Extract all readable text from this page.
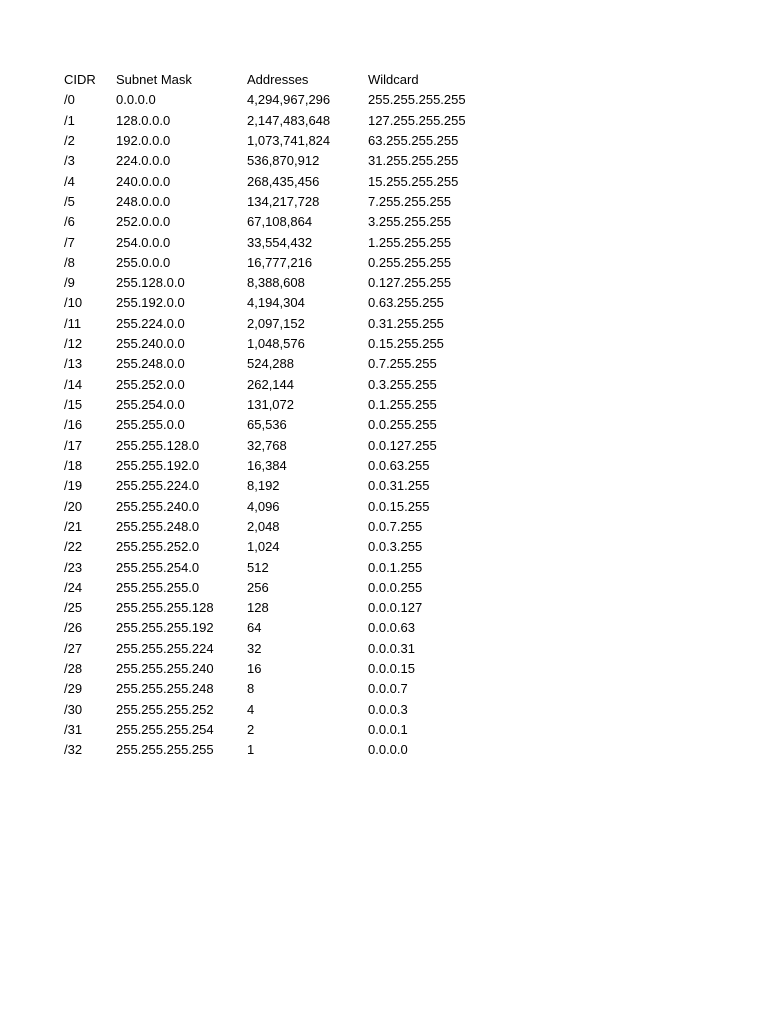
CIDR	Subnet Mask	Addresses	Wildcard
/0	0.0.0.0	4,294,967,296	255.255.255.255
/1	128.0.0.0	2,147,483,648	127.255.255.255
/2	192.0.0.0	1,073,741,824	63.255.255.255
/3	224.0.0.0	536,870,912	31.255.255.255
/4	240.0.0.0	268,435,456	15.255.255.255
/5	248.0.0.0	134,217,728	7.255.255.255
/6	252.0.0.0	67,108,864	3.255.255.255
/7	254.0.0.0	33,554,432	1.255.255.255
/8	255.0.0.0	16,777,216	0.255.255.255
/9	255.128.0.0	8,388,608	0.127.255.255
/10	255.192.0.0	4,194,304	0.63.255.255
/11	255.224.0.0	2,097,152	0.31.255.255
/12	255.240.0.0	1,048,576	0.15.255.255
/13	255.248.0.0	524,288	0.7.255.255
/14	255.252.0.0	262,144	0.3.255.255
/15	255.254.0.0	131,072	0.1.255.255
/16	255.255.0.0	65,536	0.0.255.255
/17	255.255.128.0	32,768	0.0.127.255
/18	255.255.192.0	16,384	0.0.63.255
/19	255.255.224.0	8,192	0.0.31.255
/20	255.255.240.0	4,096	0.0.15.255
/21	255.255.248.0	2,048	0.0.7.255
/22	255.255.252.0	1,024	0.0.3.255
/23	255.255.254.0	512	0.0.1.255
/24	255.255.255.0	256	0.0.0.255
/25	255.255.255.128	128	0.0.0.127
/26	255.255.255.192	64	0.0.0.63
/27	255.255.255.224	32	0.0.0.31
/28	255.255.255.240	16	0.0.0.15
/29	255.255.255.248	8	0.0.0.7
/30	255.255.255.252	4	0.0.0.3
/31	255.255.255.254	2	0.0.0.1
/32	255.255.255.255	1	0.0.0.0
